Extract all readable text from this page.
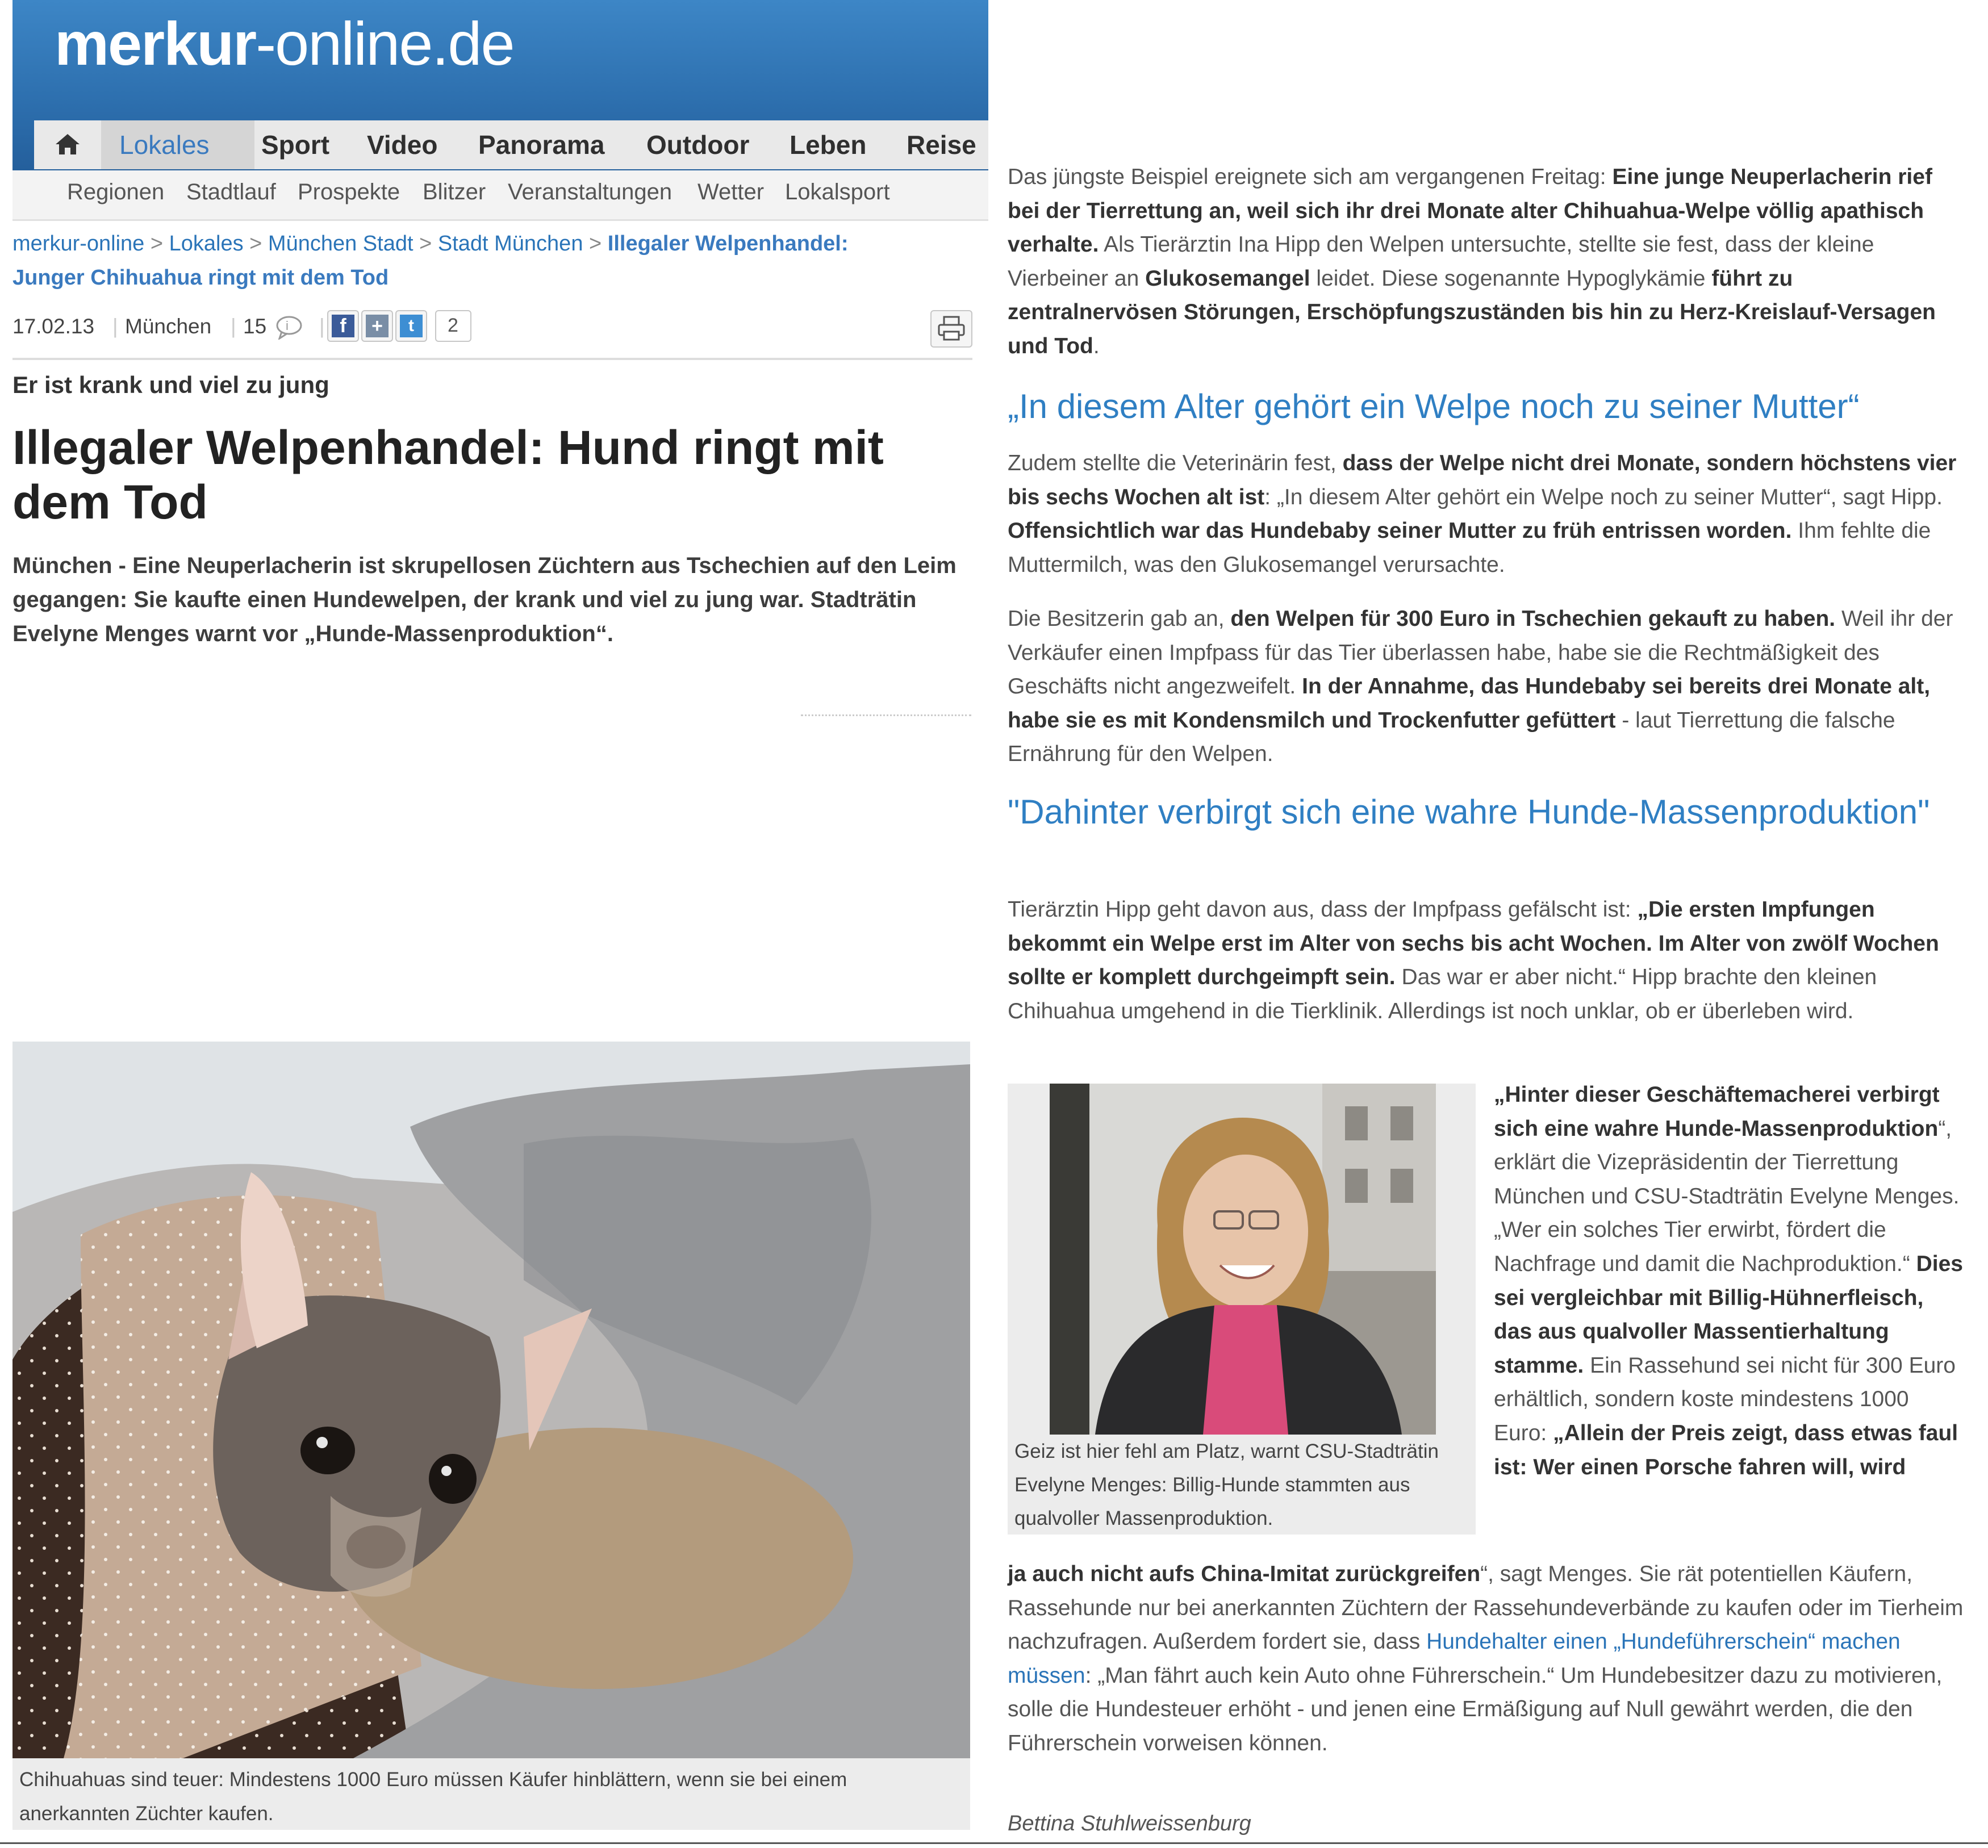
merkur-online.de
Lokales Sport Video Panorama Outdoor Leben Reise
Regionen Stadtlauf Prospekte Blitzer Veranstaltungen Wetter Lokalsport
merkur-online > Lokales > München Stadt > Stadt München > Illegaler Welpenhandel:
Junger Chihuahua ringt mit dem Tod
17.02.13 | München | 15 i | f	+	t	2
Er ist krank und viel zu jung
Illegaler Welpenhandel: Hund ringt mit dem Tod
München - Eine Neuperlacherin ist skrupellosen Züchtern aus Tschechien auf den Leim gegangen: Sie kaufte einen Hundewelpen, der krank und viel zu jung war. Stadträtin Evelyne Menges warnt vor „Hunde-Massenproduktion“.
Chihuahuas sind teuer: Mindestens 1000 Euro müssen Käufer hinblättern, wenn sie bei einem anerkannten Züchter kaufen.
Das jüngste Beispiel ereignete sich am vergangenen Freitag: Eine junge Neuperlacherin rief bei der Tierrettung an, weil sich ihr drei Monate alter Chihuahua-Welpe völlig apathisch verhalte. Als Tierärztin Ina Hipp den Welpen untersuchte, stellte sie fest, dass der kleine Vierbeiner an Glukosemangel leidet. Diese sogenannte Hypoglykämie führt zu zentralnervösen Störungen, Erschöpfungszuständen bis hin zu Herz-Kreislauf-Versagen und Tod.
„In diesem Alter gehört ein Welpe noch zu seiner Mutter“
Zudem stellte die Veterinärin fest, dass der Welpe nicht drei Monate, sondern höchstens vier bis sechs Wochen alt ist: „In diesem Alter gehört ein Welpe noch zu seiner Mutter“, sagt Hipp. Offensichtlich war das Hundebaby seiner Mutter zu früh entrissen worden. Ihm fehlte die Muttermilch, was den Glukosemangel verursachte.
Die Besitzerin gab an, den Welpen für 300 Euro in Tschechien gekauft zu haben. Weil ihr der Verkäufer einen Impfpass für das Tier überlassen habe, habe sie die Rechtmäßigkeit des Geschäfts nicht angezweifelt. In der Annahme, das Hundebaby sei bereits drei Monate alt, habe sie es mit Kondensmilch und Trockenfutter gefüttert - laut Tierrettung die falsche Ernährung für den Welpen.
"Dahinter verbirgt sich eine wahre Hunde-Massenproduktion"
Tierärztin Hipp geht davon aus, dass der Impfpass gefälscht ist: „Die ersten Impfungen bekommt ein Welpe erst im Alter von sechs bis acht Wochen. Im Alter von zwölf Wochen sollte er komplett durchgeimpft sein. Das war er aber nicht.“ Hipp brachte den kleinen Chihuahua umgehend in die Tierklinik. Allerdings ist noch unklar, ob er überleben wird.
Geiz ist hier fehl am Platz, warnt CSU-Stadträtin Evelyne Menges: Billig-Hunde stammten aus qualvoller Massenproduktion.
„Hinter dieser Geschäftemacherei verbirgt sich eine wahre Hunde-Massenproduktion“, erklärt die Vizepräsidentin der Tierrettung München und CSU-Stadträtin Evelyne Menges. „Wer ein solches Tier erwirbt, fördert die Nachfrage und damit die Nachproduktion.“ Dies sei vergleichbar mit Billig-Hühnerfleisch, das aus qualvoller Massentierhaltung stamme. Ein Rassehund sei nicht für 300 Euro erhältlich, sondern koste mindestens 1000 Euro: „Allein der Preis zeigt, dass etwas faul ist: Wer einen Porsche fahren will, wird
ja auch nicht aufs China-Imitat zurückgreifen“, sagt Menges. Sie rät potentiellen Käufern, Rassehunde nur bei anerkannten Züchtern der Rassehundeverbände zu kaufen oder im Tierheim nachzufragen. Außerdem fordert sie, dass Hundehalter einen „Hundeführerschein“ machen müssen: „Man fährt auch kein Auto ohne Führerschein.“ Um Hundebesitzer dazu zu motivieren, solle die Hundesteuer erhöht - und jenen eine Ermäßigung auf Null gewährt werden, die den Führerschein vorweisen können.
Bettina Stuhlweissenburg
